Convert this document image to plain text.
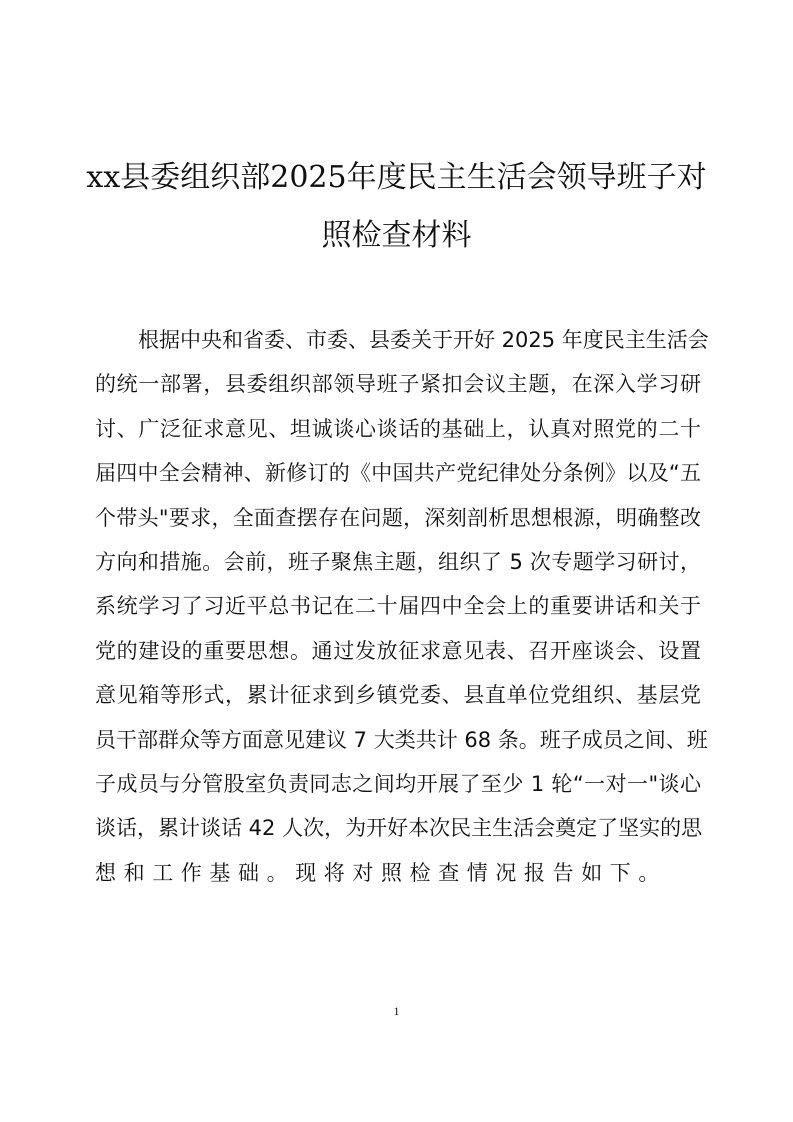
xx县委组织部2025年度民主生活会领导班子对
照检查材料
根据中央和省委、市委、县委关于开好 2025 年度民主生活会
的统一部署，县委组织部领导班子紧扣会议主题，在深入学习研
讨、广泛征求意见、坦诚谈心谈话的基础上，认真对照党的二十
届四中全会精神、新修订的《中国共产党纪律处分条例》以及“五
个带头"要求，全面查摆存在问题，深刻剖析思想根源，明确整改
方向和措施。会前，班子聚焦主题，组织了 5 次专题学习研讨，
系统学习了习近平总书记在二十届四中全会上的重要讲话和关于
党的建设的重要思想。通过发放征求意见表、召开座谈会、设置
意见箱等形式，累计征求到乡镇党委、县直单位党组织、基层党
员干部群众等方面意见建议 7 大类共计 68 条。班子成员之间、班
子成员与分管股室负责同志之间均开展了至少 1 轮“一对一"谈心
谈话，累计谈话 42 人次，为开好本次民主生活会奠定了坚实的思
想和工作基础。现将对照检查情况报告如下。
1
